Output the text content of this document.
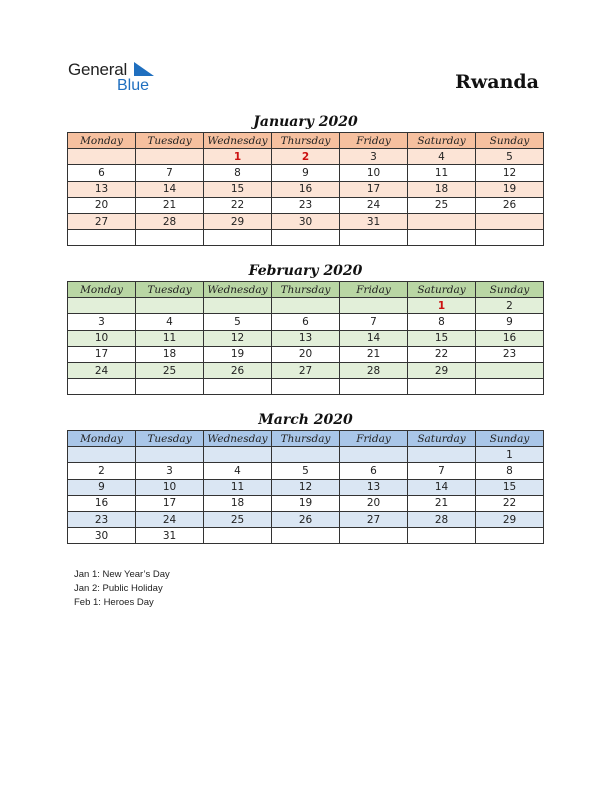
General
Blue	Rwanda
January 2020
Monday	Tuesday	Wednesday	Thursday	Friday	Saturday	Sunday
		1	2	3	4	5
6	7	8	9	10	11	12
13	14	15	16	17	18	19
20	21	22	23	24	25	26
27	28	29	30	31		

February 2020
Monday	Tuesday	Wednesday	Thursday	Friday	Saturday	Sunday
					1	2
3	4	5	6	7	8	9
10	11	12	13	14	15	16
17	18	19	20	21	22	23
24	25	26	27	28	29	

March 2020
Monday	Tuesday	Wednesday	Thursday	Friday	Saturday	Sunday
						1
2	3	4	5	6	7	8
9	10	11	12	13	14	15
16	17	18	19	20	21	22
23	24	25	26	27	28	29
30	31					
Jan 1: New Year’s Day
Jan 2: Public Holiday
Feb 1: Heroes Day
